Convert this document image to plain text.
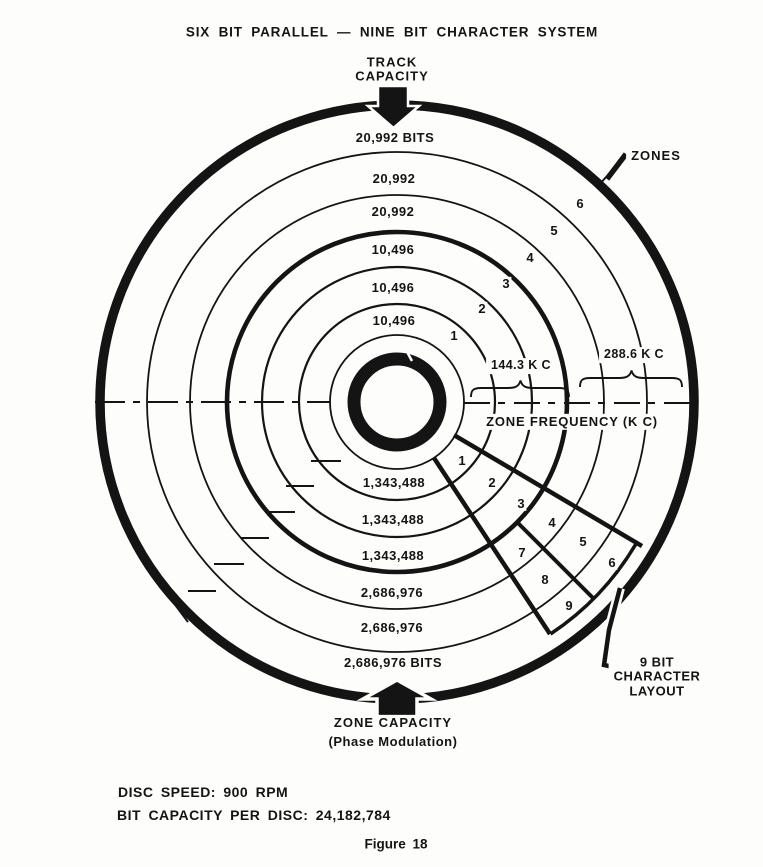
SIX BIT PARALLEL — NINE BIT CHARACTER SYSTEM
TRACK
CAPACITY
20,992 BITS
20,992
20,992
10,496
10,496
10,496
1
2
3
4
5
6
ZONES
144.3 K C
288.6 K C
ZONE FREQUENCY (K C)
1
2
3
4
5
6
7
8
9
9 BIT
CHARACTER
LAYOUT
1,343,488
1,343,488
1,343,488
2,686,976
2,686,976
2,686,976 BITS
ZONE CAPACITY
(Phase Modulation)
DISC SPEED: 900 RPM
BIT CAPACITY PER DISC: 24,182,784
Figure 18
